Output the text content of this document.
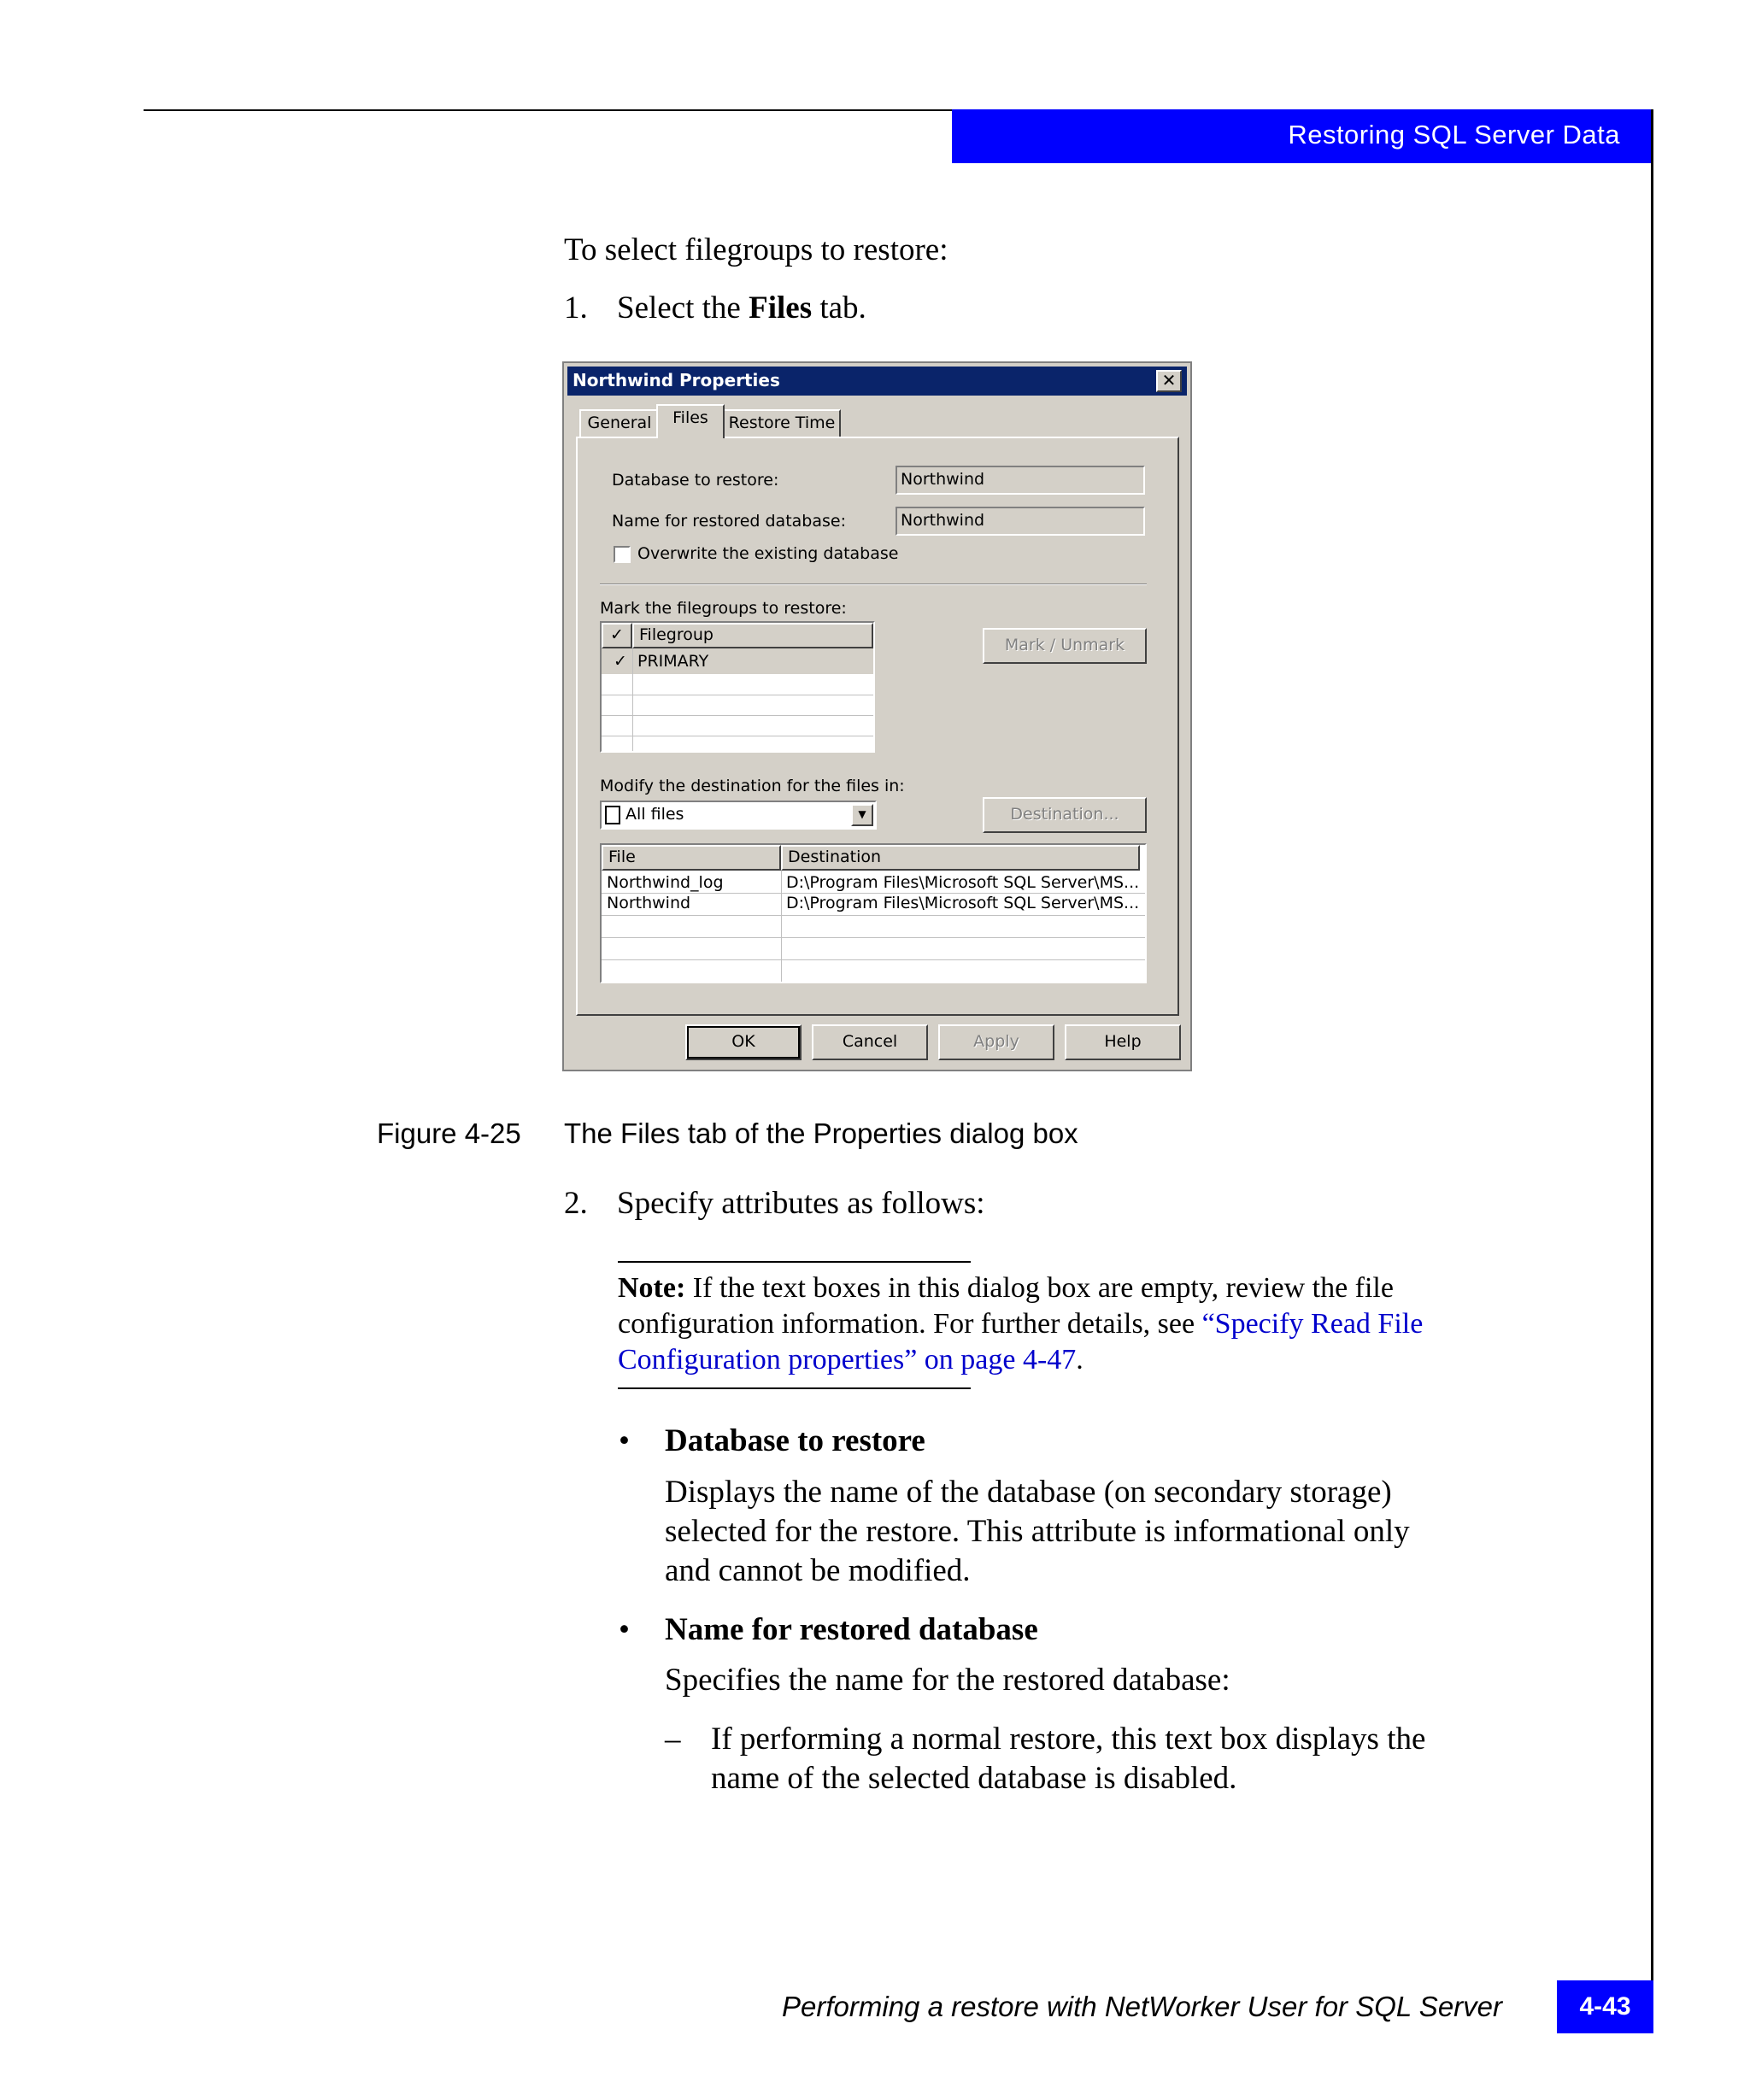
Restoring SQL Server Data
To select filegroups to restore:
1. Select the Files tab.
Northwind Properties	✕
General	Files	Restore Time
Database to restore:	Northwind
Name for restored database:	Northwind
Overwrite the existing database
Mark the filegroups to restore:
✓ Filegroup
✓ PRIMARY
Mark / Unmark
Modify the destination for the files in:
All files	▼	Destination...
File	Destination
Northwind_log	D:\Program Files\Microsoft SQL Server\MS...
Northwind	D:\Program Files\Microsoft SQL Server\MS...
OK	Cancel	Apply	Help
Figure 4-25 The Files tab of the Properties dialog box
2. Specify attributes as follows:
Note: If the text boxes in this dialog box are empty, review the file
configuration information. For further details, see “Specify Read File
Configuration properties” on page 4-47.
• Database to restore
Displays the name of the database (on secondary storage)
selected for the restore. This attribute is informational only
and cannot be modified.
• Name for restored database
Specifies the name for the restored database:
– If performing a normal restore, this text box displays the
name of the selected database is disabled.
Performing a restore with NetWorker User for SQL Server	4-43
